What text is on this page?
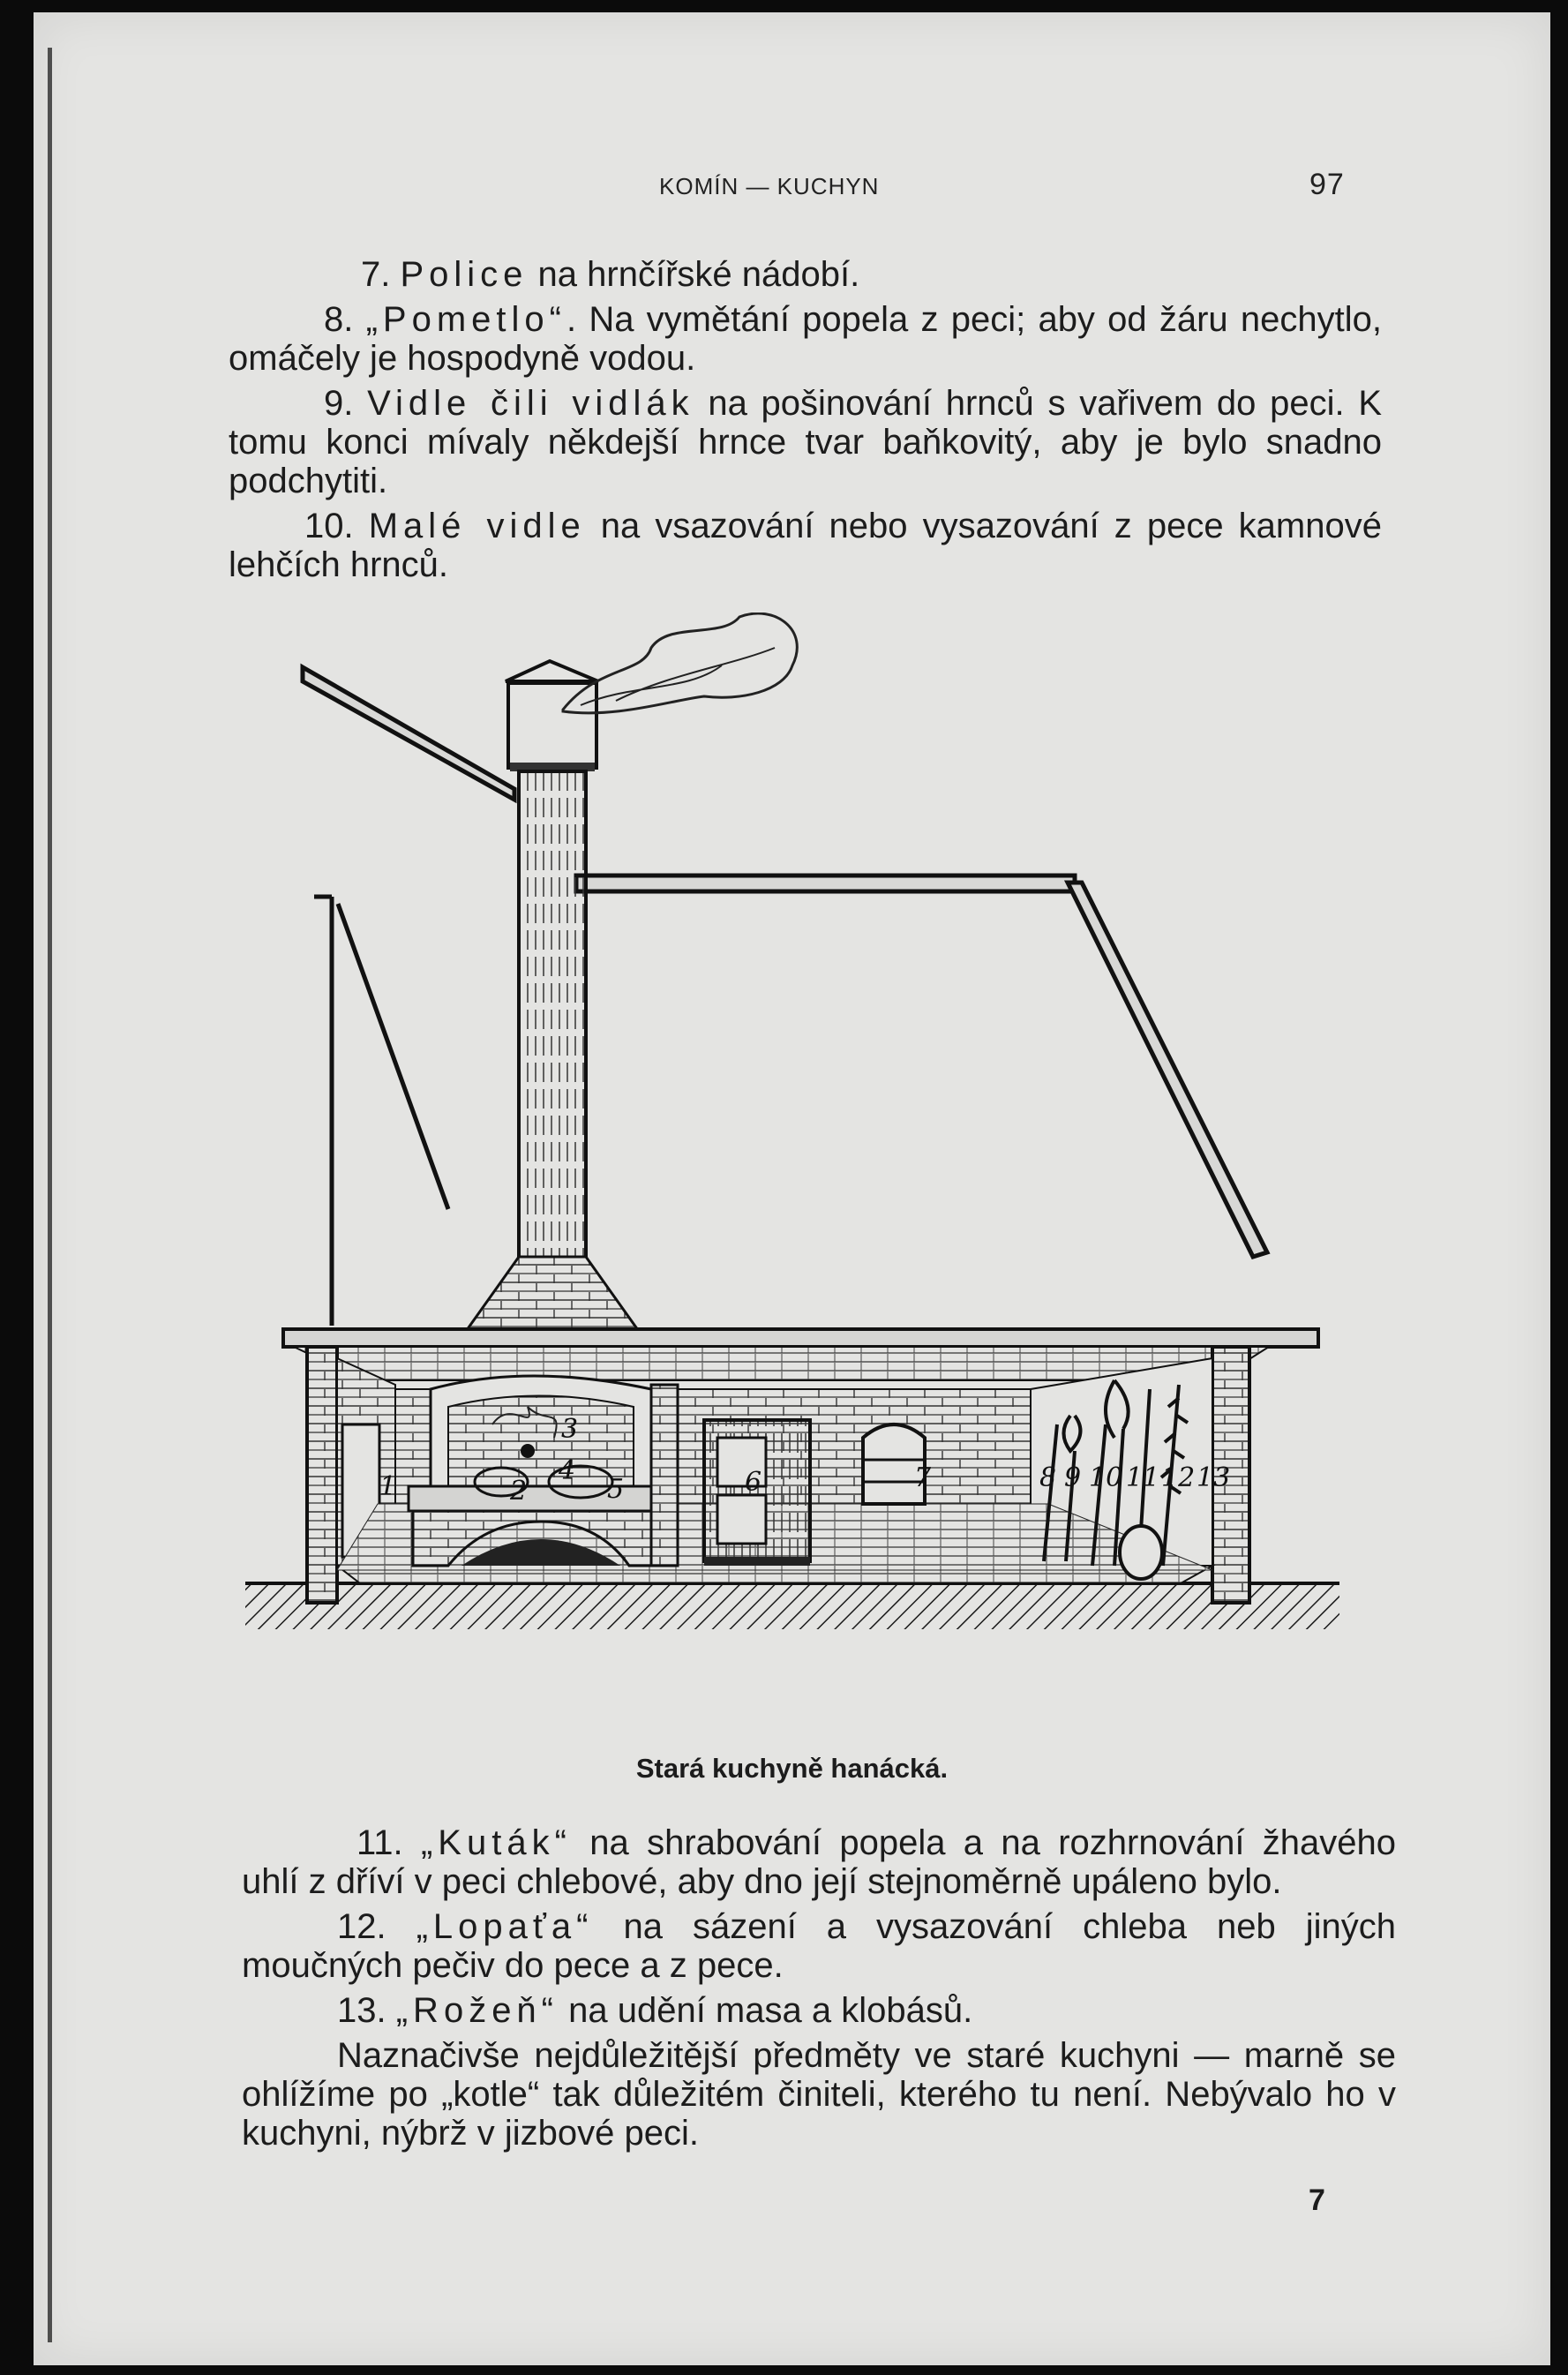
KOMÍN — KUCHYN	97

7. Police na hrnčířské nádobí.

8. „Pometlo“. Na vymětání popela z peci; aby od žáru nechytlo, omáčely je hospodyně vodou.

9. Vidle čili vidlák na pošinování hrnců s vařivem do peci. K tomu konci mívaly někdejší hrnce tvar baňkovitý, aby je bylo snadno podchytiti.

10. Malé vidle na vsazování nebo vysazování z pece kamnové lehčích hrnců.

1	2
3
4
5	6	7	8 9 10 11 12 13
Stará kuchyně hanácká.

11. „Kuták“ na shrabování popela a na rozhrnování žhavého uhlí z dříví v peci chlebové, aby dno její stejnoměrně upáleno bylo.

12. „Lopaťa“ na sázení a vysazování chleba neb jiných moučných pečiv do pece a z pece.

13. „Rožeň“ na udění masa a klobásů.

Naznačivše nejdůležitější předměty ve staré kuchyni — marně se ohlížíme po „kotle“ tak důležitém činiteli, kterého tu není. Nebývalo ho v kuchyni, nýbrž v jizbové peci.

7
